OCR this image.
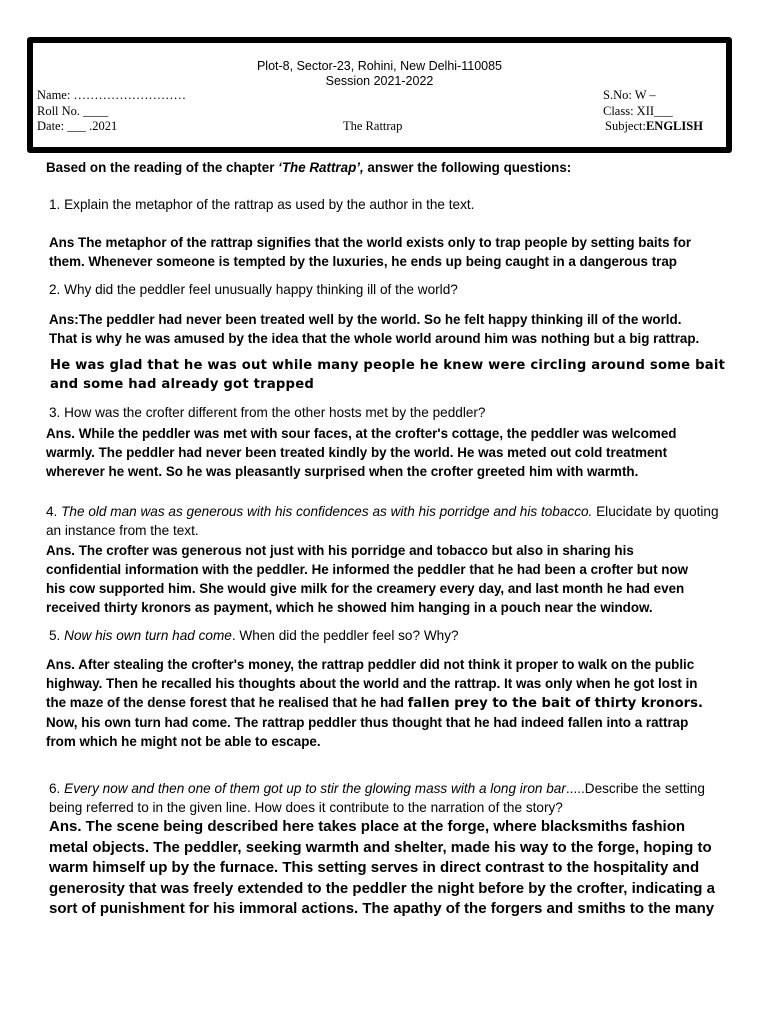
Plot-8, Sector-23, Rohini, New Delhi-110085
Session 2021-2022
Name: ………………………
Roll No. ____
Date: ___ .2021	The Rattrap
S.No: W –
Class: XII___
Subject:ENGLISH
Based on the reading of the chapter ‘The Rattrap’, answer the following questions:
1. Explain the metaphor of the rattrap as used by the author in the text.
Ans The metaphor of the rattrap signifies that the world exists only to trap people by setting baits for
them. Whenever someone is tempted by the luxuries, he ends up being caught in a dangerous trap
2. Why did the peddler feel unusually happy thinking ill of the world?
Ans:The peddler had never been treated well by the world. So he felt happy thinking ill of the world.
That is why he was amused by the idea that the whole world around him was nothing but a big rattrap.
He was glad that he was out while many people he knew were circling around some bait
and some had already got trapped
3. How was the crofter different from the other hosts met by the peddler?
Ans. While the peddler was met with sour faces, at the crofter's cottage, the peddler was welcomed
warmly. The peddler had never been treated kindly by the world. He was meted out cold treatment
wherever he went. So he was pleasantly surprised when the crofter greeted him with warmth.
4. The old man was as generous with his confidences as with his porridge and his tobacco. Elucidate by quoting
an instance from the text.
Ans. The crofter was generous not just with his porridge and tobacco but also in sharing his
confidential information with the peddler. He informed the peddler that he had been a crofter but now
his cow supported him. She would give milk for the creamery every day, and last month he had even
received thirty kronors as payment, which he showed him hanging in a pouch near the window.
5. Now his own turn had come. When did the peddler feel so? Why?
Ans. After stealing the crofter's money, the rattrap peddler did not think it proper to walk on the public
highway. Then he recalled his thoughts about the world and the rattrap. It was only when he got lost in
the maze of the dense forest that he realised that he had fallen prey to the bait of thirty kronors.
Now, his own turn had come. The rattrap peddler thus thought that he had indeed fallen into a rattrap
from which he might not be able to escape.
6. Every now and then one of them got up to stir the glowing mass with a long iron bar.....Describe the setting
being referred to in the given line. How does it contribute to the narration of the story?
Ans. The scene being described here takes place at the forge, where blacksmiths fashion
metal objects. The peddler, seeking warmth and shelter, made his way to the forge, hoping to
warm himself up by the furnace. This setting serves in direct contrast to the hospitality and
generosity that was freely extended to the peddler the night before by the crofter, indicating a
sort of punishment for his immoral actions. The apathy of the forgers and smiths to the many
